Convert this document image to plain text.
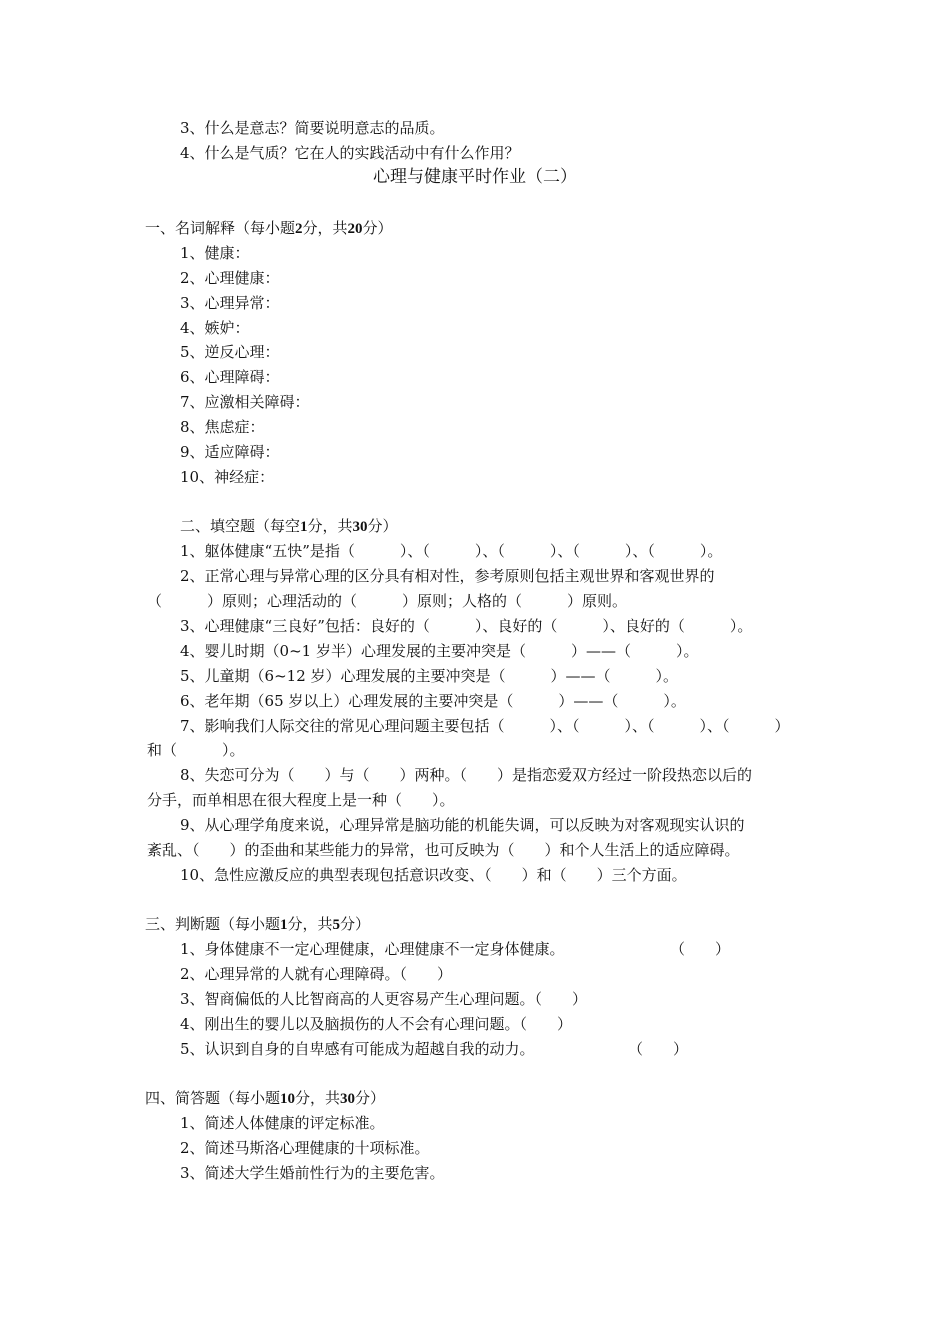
3、什么是意志？简要说明意志的品质。
4、什么是气质？它在人的实践活动中有什么作用？
心理与健康平时作业（二）
一、名词解释（每小题2分，共20分）
1、健康：
2、心理健康：
3、心理异常：
4、嫉妒：
5、逆反心理：
6、心理障碍：
7、应激相关障碍：
8、焦虑症：
9、适应障碍：
10、神经症：
二、填空题（每空1分，共30分）
1、躯体健康“五快”是指（　　　）、（　　　）、（　　　）、（　　　）、（　　　）。
2、正常心理与异常心理的区分具有相对性，参考原则包括主观世界和客观世界的
（　　　）原则；心理活动的（　　　）原则；人格的（　　　）原则。
3、心理健康“三良好”包括：良好的（　　　）、良好的（　　　）、良好的（　　　）。
4、婴儿时期（0~1 岁半）心理发展的主要冲突是（　　　）——（　　　）。
5、儿童期（6~12 岁）心理发展的主要冲突是（　　　）——（　　　）。
6、老年期（65 岁以上）心理发展的主要冲突是（　　　）——（　　　）。
7、影响我们人际交往的常见心理问题主要包括（　　　）、（　　　）、（　　　）、（　　　）
和（　　　）。
8、失恋可分为（　　）与（　　）两种。（　　）是指恋爱双方经过一阶段热恋以后的
分手，而单相思在很大程度上是一种（　　）。
9、从心理学角度来说，心理异常是脑功能的机能失调，可以反映为对客观现实认识的
紊乱、（　　）的歪曲和某些能力的异常，也可反映为（　　）和个人生活上的适应障碍。
10、急性应激反应的典型表现包括意识改变、（　　）和（　　）三个方面。
三、判断题（每小题1分，共5分）
1、身体健康不一定心理健康，心理健康不一定身体健康。	（　　）
2、心理异常的人就有心理障碍。（　　）
3、智商偏低的人比智商高的人更容易产生心理问题。（　　）
4、刚出生的婴儿以及脑损伤的人不会有心理问题。（　　）
5、认识到自身的自卑感有可能成为超越自我的动力。	（　　）
四、简答题（每小题10分，共30分）
1、简述人体健康的评定标准。
2、简述马斯洛心理健康的十项标准。
3、简述大学生婚前性行为的主要危害。
